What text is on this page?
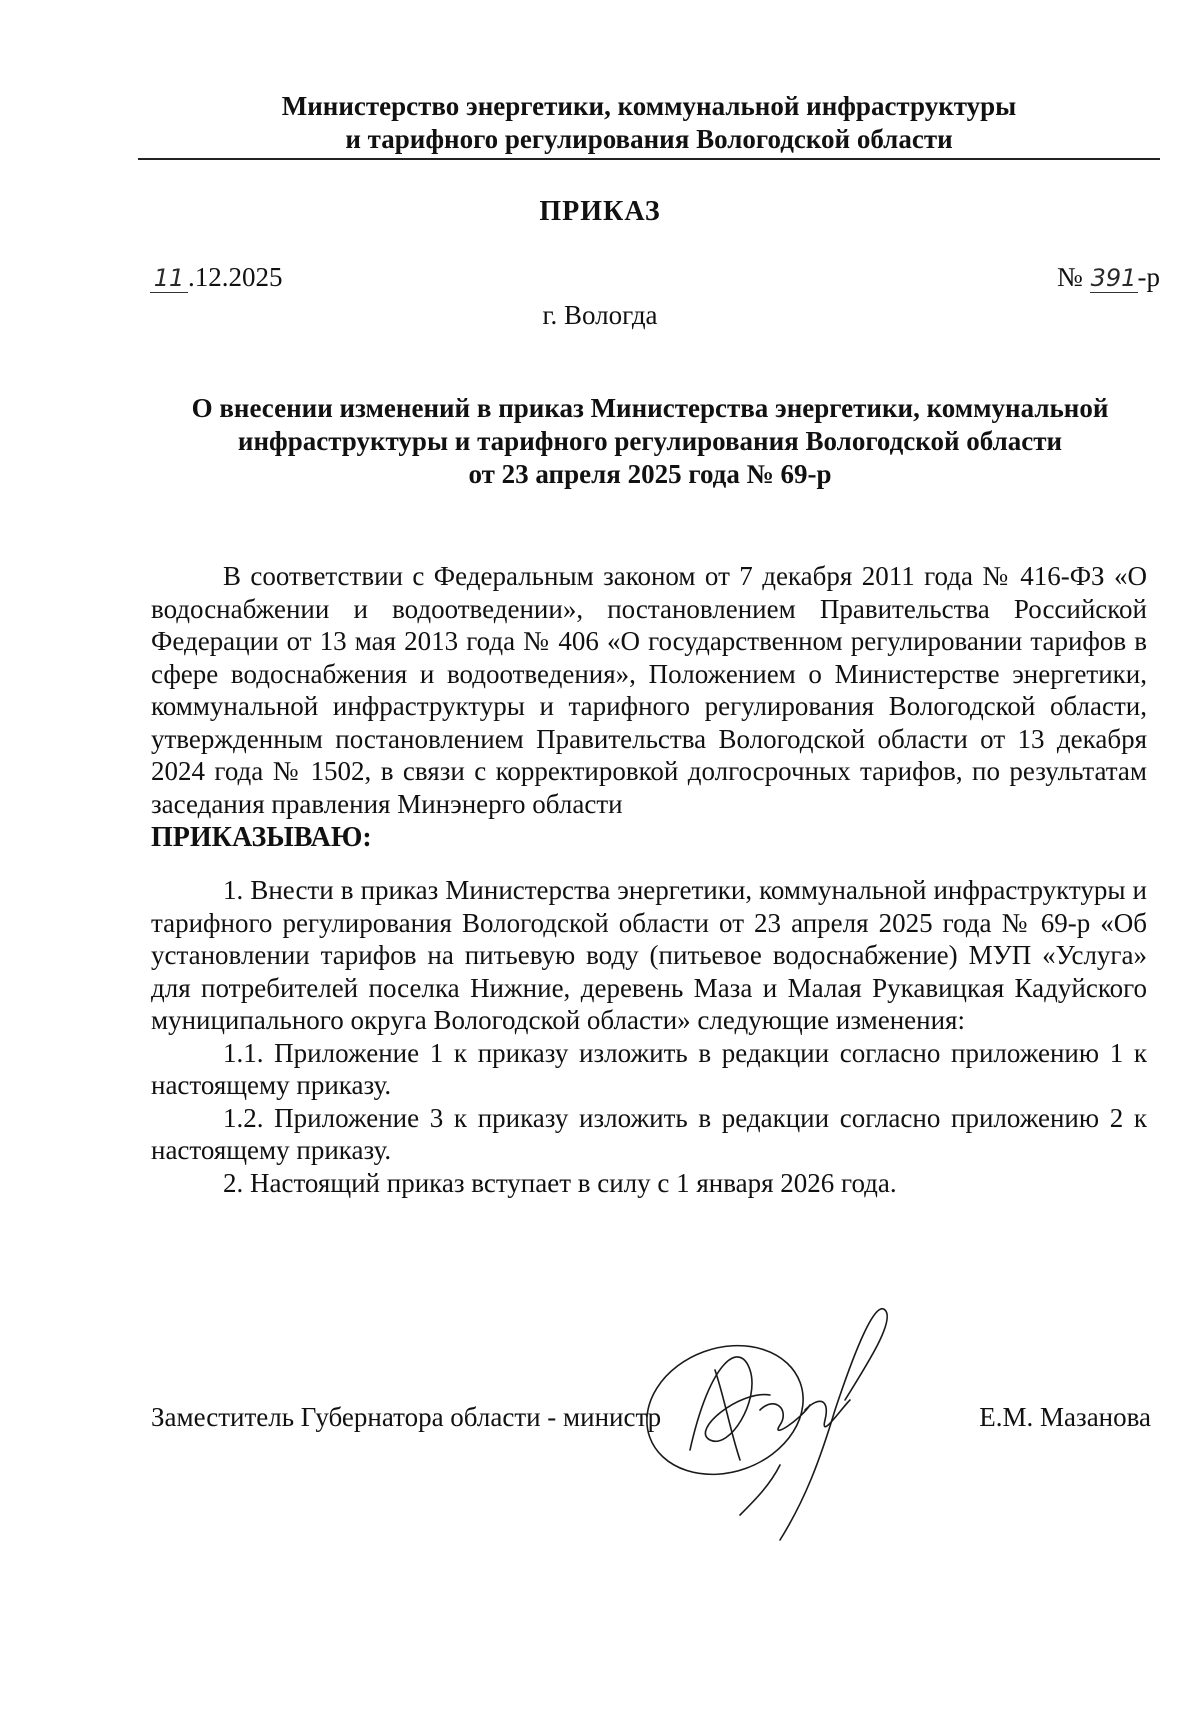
Министерство энергетики, коммунальной инфраструктуры
и тарифного регулирования Вологодской области
ПРИКАЗ
11 .12.2025	№ 391-р
г. Вологда
О внесении изменений в приказ Министерства энергетики, коммунальной
инфраструктуры и тарифного регулирования Вологодской области
от 23 апреля 2025 года № 69-р

В соответствии с Федеральным законом от 7 декабря 2011 года № 416-ФЗ «О водоснабжении и водоотведении», постановлением Правительства Российской Федерации от 13 мая 2013 года № 406 «О государственном регулировании тарифов в сфере водоснабжения и водоотведения», Положением о Министерстве энергетики, коммунальной инфраструктуры и тарифного регулирования Вологодской области, утвержденным постановлением Правительства Вологодской области от 13 декабря 2024 года № 1502, в связи с корректировкой долгосрочных тарифов, по результатам заседания правления Минэнерго области

ПРИКАЗЫВАЮ:

1. Внести в приказ Министерства энергетики, коммунальной инфраструктуры и тарифного регулирования Вологодской области от 23 апреля 2025 года № 69-р «Об установлении тарифов на питьевую воду (питьевое водоснабжение) МУП «Услуга» для потребителей поселка Нижние, деревень Маза и Малая Рукавицкая Кадуйского муниципального округа Вологодской области» следующие изменения:

1.1. Приложение 1 к приказу изложить в редакции согласно приложению 1 к настоящему приказу.

1.2. Приложение 3 к приказу изложить в редакции согласно приложению 2 к настоящему приказу.

2. Настоящий приказ вступает в силу с 1 января 2026 года.

Заместитель Губернатора области - министр	Е.М. Мазанова
